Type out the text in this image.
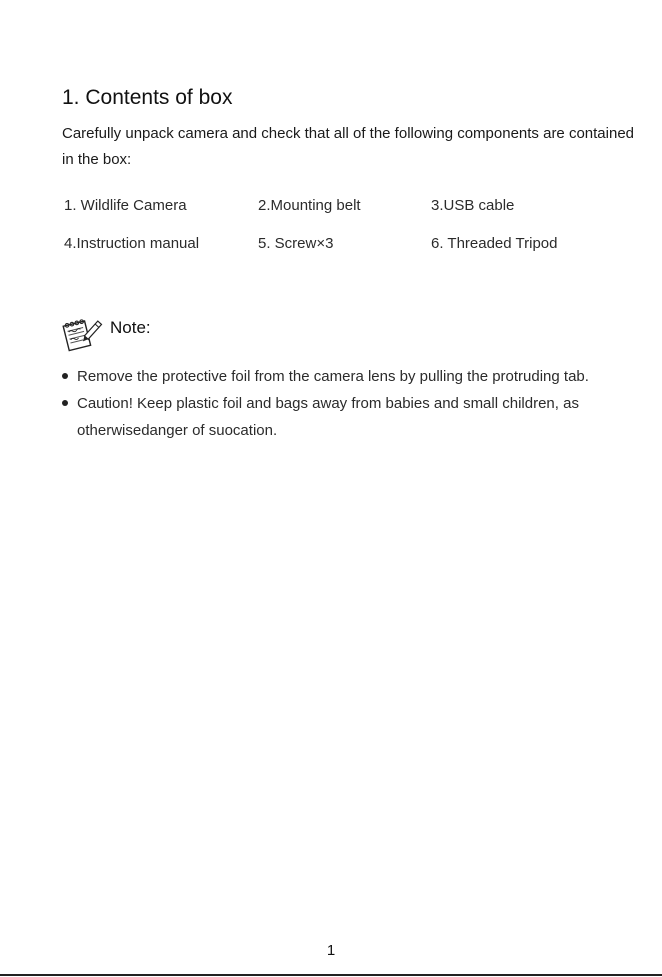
1. Contents of box

Carefully unpack camera and check that all of the following components are contained in the box:

1. Wildlife Camera	2.Mounting belt	3.USB cable
4.Instruction manual	5. Screw×3	6. Threaded Tripod
Note:
Remove the protective foil from the camera lens by pulling the protruding tab.
Caution! Keep plastic foil and bags away from babies and small children, as otherwisedanger of suocation.
1
